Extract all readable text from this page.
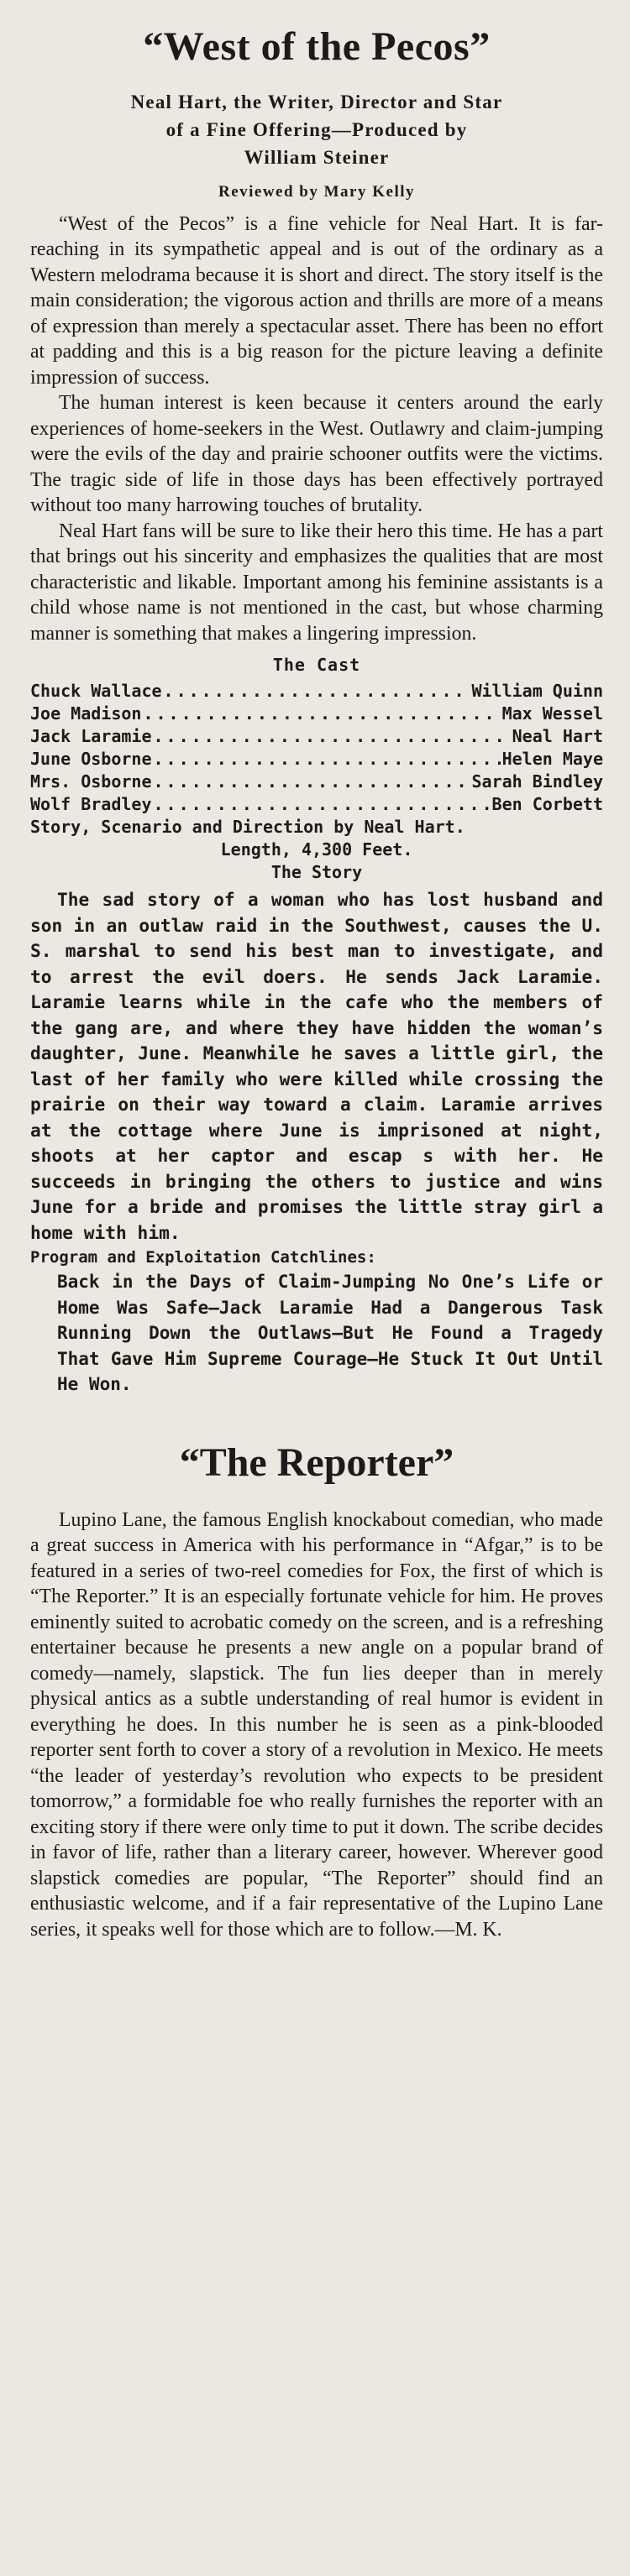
“West of the Pecos”
Neal Hart, the Writer, Director and Star
of a Fine Offering—Produced by
William Steiner
Reviewed by Mary Kelly

“West of the Pecos” is a fine vehicle for Neal Hart. It is far-reaching in its sympathetic appeal and is out of the ordinary as a Western melodrama because it is short and direct. The story itself is the main consideration; the vigorous action and thrills are more of a means of expression than merely a spectacular asset. There has been no effort at padding and this is a big reason for the picture leaving a definite impression of success.

The human interest is keen because it centers around the early experiences of home-seekers in the West. Outlawry and claim-jumping were the evils of the day and prairie schooner outfits were the victims. The tragic side of life in those days has been effectively portrayed without too many harrowing touches of brutality.

Neal Hart fans will be sure to like their hero this time. He has a part that brings out his sincerity and emphasizes the qualities that are most characteristic and likable. Important among his feminine assistants is a child whose name is not mentioned in the cast, but whose charming manner is something that makes a lingering impression.

The Cast
Chuck Wallace .....	William Quinn
Joe Madison .....	Max Wessel
Jack Laramie .....	Neal Hart
June Osborne .....	Helen Maye
Mrs. Osborne .....	Sarah Bindley
Wolf Bradley .....	Ben Corbett

Story, Scenario and Direction by Neal Hart.

Length, 4,300 Feet.

The Story

The sad story of a woman who has lost husband and son in an outlaw raid in the Southwest, causes the U. S. marshal to send his best man to investigate, and to arrest the evil doers. He sends Jack Laramie. Laramie learns while in the cafe who the members of the gang are, and where they have hidden the woman’s daughter, June. Meanwhile he saves a little girl, the last of her family who were killed while crossing the prairie on their way toward a claim. Laramie arrives at the cottage where June is imprisoned at night, shoots at her captor and escap s with her. He succeeds in bringing the others to justice and wins June for a bride and promises the little stray girl a home with him.

Program and Exploitation Catchlines:

Back in the Days of Claim-Jumping No One’s Life or Home Was Safe—Jack Laramie Had a Dangerous Task Running Down the Outlaws—But He Found a Tragedy That Gave Him Supreme Courage—He Stuck It Out Until He Won.

“The Reporter”

Lupino Lane, the famous English knockabout comedian, who made a great success in America with his performance in “Afgar,” is to be featured in a series of two-reel comedies for Fox, the first of which is “The Reporter.” It is an especially fortunate vehicle for him. He proves eminently suited to acrobatic comedy on the screen, and is a refreshing entertainer because he presents a new angle on a popular brand of comedy—namely, slapstick. The fun lies deeper than in merely physical antics as a subtle understanding of real humor is evident in everything he does. In this number he is seen as a pink-blooded reporter sent forth to cover a story of a revolution in Mexico. He meets “the leader of yesterday’s revolution who expects to be president tomorrow,” a formidable foe who really furnishes the reporter with an exciting story if there were only time to put it down. The scribe decides in favor of life, rather than a literary career, however. Wherever good slapstick comedies are popular, “The Reporter” should find an enthusiastic welcome, and if a fair representative of the Lupino Lane series, it speaks well for those which are to follow.—M. K.
